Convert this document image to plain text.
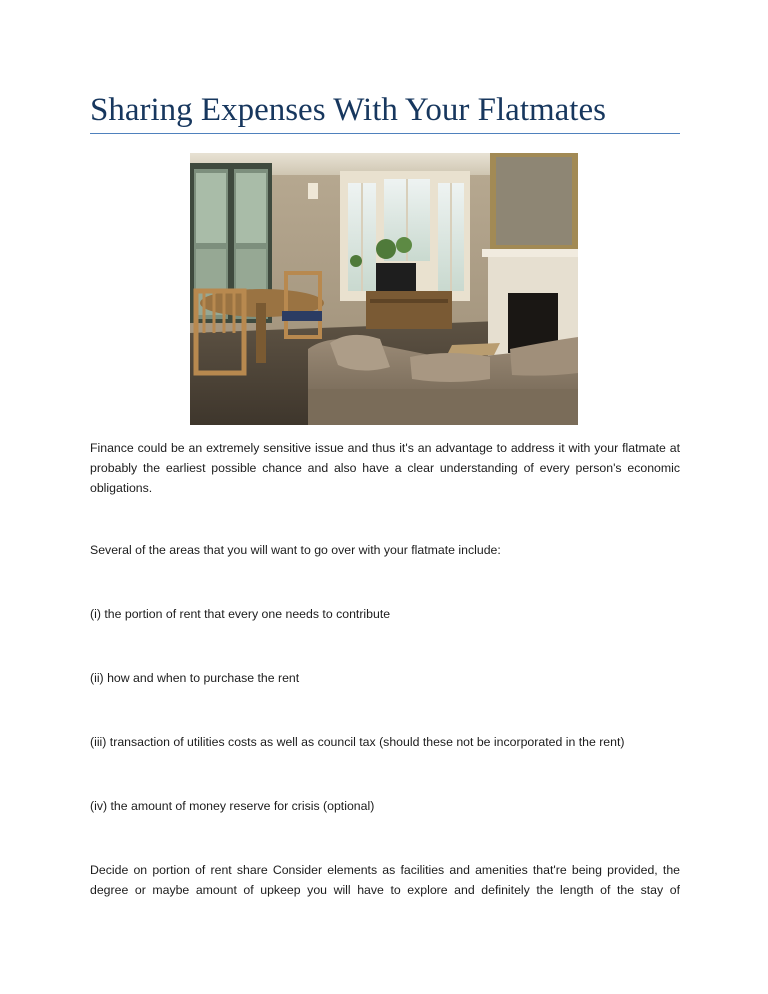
Sharing Expenses With Your Flatmates

Finance could be an extremely sensitive issue and thus it's an advantage to address it with your flatmate at probably the earliest possible chance and also have a clear understanding of every person's economic obligations.

Several of the areas that you will want to go over with your flatmate include:

(i) the portion of rent that every one needs to contribute

(ii) how and when to purchase the rent

(iii) transaction of utilities costs as well as council tax (should these not be incorporated in the rent)

(iv) the amount of money reserve for crisis (optional)

Decide on portion of rent share Consider elements as facilities and amenities that're being provided, the degree or maybe amount of upkeep you will have to explore and definitely the length of the stay of
